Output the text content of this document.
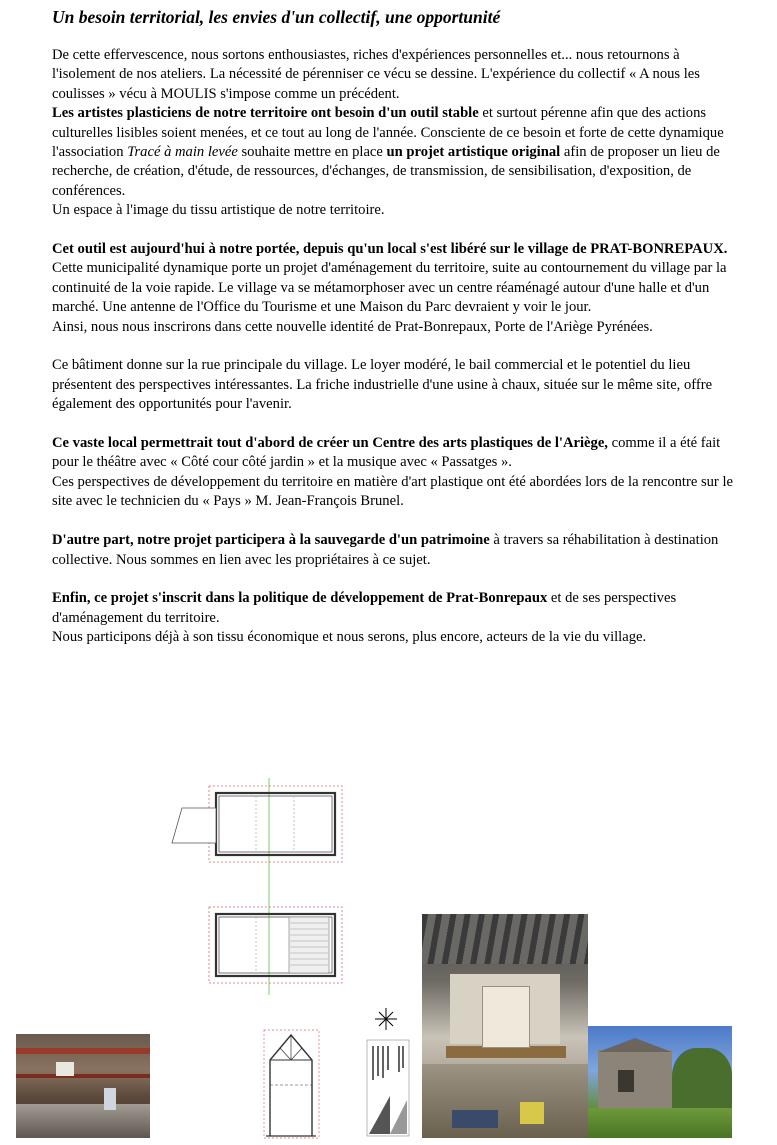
Un besoin territorial, les envies d'un collectif, une opportunité

De cette effervescence, nous sortons enthousiastes, riches d'expériences personnelles et... nous retournons à l'isolement de nos ateliers. La nécessité de pérenniser ce vécu se dessine. L'expérience du collectif « A nous les coulisses » vécu à MOULIS s'impose comme un précédent.
Les artistes plasticiens de notre territoire ont besoin d'un outil stable et surtout pérenne afin que des actions culturelles lisibles soient menées, et ce tout au long de l'année. Consciente de ce besoin et forte de cette dynamique l'association Tracé à main levée souhaite mettre en place un projet artistique original afin de proposer un lieu de recherche, de création, d'étude, de ressources, d'échanges, de transmission, de sensibilisation, d'exposition, de conférences.
Un espace à l'image du tissu artistique de notre territoire.

Cet outil est aujourd'hui à notre portée, depuis qu'un local s'est libéré sur le village de PRAT-BONREPAUX.
Cette municipalité dynamique porte un projet d'aménagement du territoire, suite au contournement du village par la continuité de la voie rapide. Le village va se métamorphoser avec un centre réaménagé autour d'une halle et d'un marché. Une antenne de l'Office du Tourisme et une Maison du Parc devraient y voir le jour.
Ainsi, nous nous inscrirons dans cette nouvelle identité de Prat-Bonrepaux, Porte de l'Ariège Pyrénées.

Ce bâtiment donne sur la rue principale du village. Le loyer modéré, le bail commercial et le potentiel du lieu présentent des perspectives intéressantes. La friche industrielle d'une usine à chaux, située sur le même site, offre également des opportunités pour l'avenir.

Ce vaste local permettrait tout d'abord de créer un Centre des arts plastiques de l'Ariège, comme il a été fait pour le théâtre avec « Côté cour côté jardin » et la musique avec « Passatges ».
Ces perspectives de développement du territoire en matière d'art plastique ont été abordées lors de la rencontre sur le site avec le technicien du « Pays » M. Jean-François Brunel.

D'autre part, notre projet participera à la sauvegarde d'un patrimoine à travers sa réhabilitation à destination collective. Nous sommes en lien avec les propriétaires à ce sujet.

Enfin, ce projet s'inscrit dans la politique de développement de Prat-Bonrepaux et de ses perspectives d'aménagement du territoire.
Nous participons déjà à son tissu économique et nous serons, plus encore, acteurs de la vie du village.
